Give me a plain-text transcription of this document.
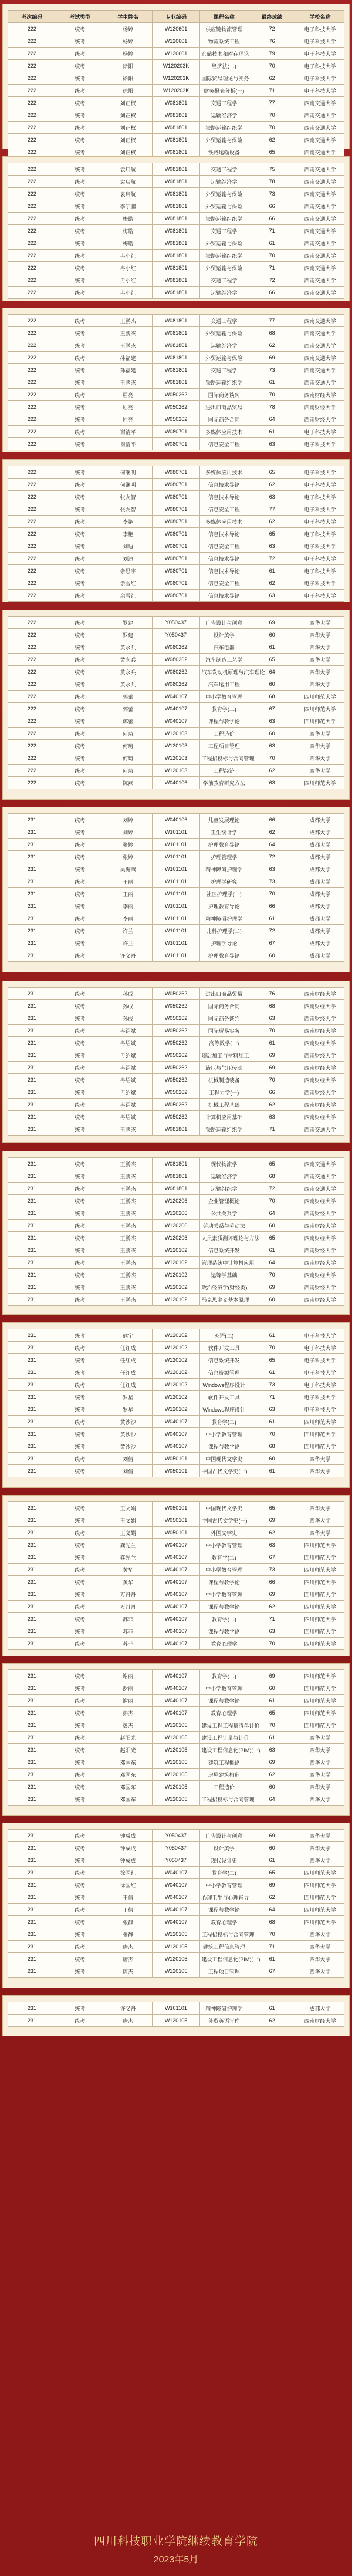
考次编码	考试类型	学生姓名	专业编码	课程名称	最终成绩	学校名称
222	统考	杨婷	W120601	供应链物流管理	72	电子科技大学
222	统考	杨婷	W120601	物流系统工程	76	电子科技大学
222	统考	杨婷	W120601	仓储技术和库存理论	79	电子科技大学
222	统考	徐阳	W120203K	经济法(二)	70	电子科技大学
222	统考	徐阳	W120203K	国际贸易理论与实务	62	电子科技大学
222	统考	徐阳	W120203K	财务报表分析(一)	71	电子科技大学
222	统考	刘正权	W081801	交通工程学	77	西南交通大学
222	统考	刘正权	W081801	运输经济学	70	西南交通大学
222	统考	刘正权	W081801	铁路运输组织学	70	西南交通大学
222	统考	刘正权	W081801	外贸运输与保险	62	西南交通大学
222	统考	刘正权	W081801	铁路运输设备	65	西南交通大学
222	统考	袁启航	W081801	交通工程学	75	西南交通大学
222	统考	袁启航	W081801	运输经济学	78	西南交通大学
222	统考	袁启航	W081801	外贸运输与保险	73	西南交通大学
222	统考	李宇鹏	W081801	外贸运输与保险	66	西南交通大学
222	统考	梅皓	W081801	铁路运输组织学	66	西南交通大学
222	统考	梅皓	W081801	交通工程学	71	西南交通大学
222	统考	梅皓	W081801	外贸运输与保险	61	西南交通大学
222	统考	冉小红	W081801	铁路运输组织学	70	西南交通大学
222	统考	冉小红	W081801	外贸运输与保险	71	西南交通大学
222	统考	冉小红	W081801	交通工程学	72	西南交通大学
222	统考	冉小红	W081801	运输经济学	66	西南交通大学
222	统考	王鹏杰	W081801	交通工程学	77	西南交通大学
222	统考	王鹏杰	W081801	外贸运输与保险	68	西南交通大学
222	统考	王鹏杰	W081801	运输经济学	62	西南交通大学
222	统考	孙福建	W081801	外贸运输与保险	69	西南交通大学
222	统考	孙福建	W081801	交通工程学	73	西南交通大学
222	统考	王鹏杰	W081801	铁路运输组织学	61	西南交通大学
222	统考	屈亮	W050262	国际商务谈判	70	西南财经大学
222	统考	屈亮	W050262	进出口商品贸易	78	西南财经大学
222	统考	屈亮	W050262	国际商务合同	64	西南财经大学
222	统考	谢清平	W080701	多媒体应用技术	61	电子科技大学
222	统考	谢清平	W080701	信息安全工程	63	电子科技大学
222	统考	何继明	W080701	多媒体应用技术	65	电子科技大学
222	统考	何继明	W080701	信息技术导论	62	电子科技大学
222	统考	张友智	W080701	信息技术导论	63	电子科技大学
222	统考	张友智	W080701	信息安全工程	77	电子科技大学
222	统考	李艳	W080701	多媒体应用技术	62	电子科技大学
222	统考	李艳	W080701	信息技术导论	65	电子科技大学
222	统考	刘迪	W080701	信息安全工程	63	电子科技大学
222	统考	刘迪	W080701	信息技术导论	72	电子科技大学
222	统考	余思宇	W080701	信息技术导论	61	电子科技大学
222	统考	余雪红	W080701	信息安全工程	62	电子科技大学
222	统考	余雪红	W080701	信息技术导论	63	电子科技大学
222	统考	罗建	Y050437	广告设计与创意	69	西华大学
222	统考	罗建	Y050437	设计美学	60	西华大学
222	统考	黄永兵	W080262	汽车电器	61	西华大学
222	统考	黄永兵	W080262	汽车制造工艺学	65	西华大学
222	统考	黄永兵	W080262	汽车发动机原理与汽车理论	64	西华大学
222	统考	黄永兵	W080262	汽车运用工程	60	西华大学
222	统考	郭蕾	W040107	中小学教育管理	68	四川师范大学
222	统考	郭蕾	W040107	教育学(二)	67	四川师范大学
222	统考	郭蕾	W040107	课程与教学论	63	四川师范大学
222	统考	何琦	W120103	工程造价	60	西华大学
222	统考	何琦	W120103	工程项目管理	63	西华大学
222	统考	何琦	W120103	工程招投标与合同管理	70	西华大学
222	统考	何琦	W120103	工程经济	62	西华大学
222	统考	陈燕	W040106	学前教育研究方法	63	四川师范大学
231	统考	刘婷	W040106	儿童发展理论	66	成都大学
231	统考	刘婷	W101101	卫生统计学	62	成都大学
231	统考	张婷	W101101	护理教育导论	64	成都大学
231	统考	张婷	W101101	护理管理学	72	成都大学
231	统考	吴海燕	W101101	精神障碍护理学	63	成都大学
231	统考	王丽	W101101	护理学研究	73	成都大学
231	统考	王丽	W101101	社区护理学(一)	70	成都大学
231	统考	李丽	W101101	护理教育导论	66	成都大学
231	统考	李丽	W101101	精神障碍护理学	61	成都大学
231	统考	许兰	W101101	儿科护理学(二)	72	成都大学
231	统考	许兰	W101101	护理学导论	67	成都大学
231	统考	许义丹	W101101	护理教育导论	60	成都大学
231	统考	孙成	W050262	进出口商品贸易	76	西南财经大学
231	统考	孙成	W050262	国际商务合同	68	西南财经大学
231	统考	孙成	W050262	国际商务谈判	63	西南财经大学
231	统考	冉绍斌	W050262	国际贸易实务	70	西南财经大学
231	统考	冉绍斌	W050262	高等数学(一)	61	西南财经大学
231	统考	冉绍斌	W050262	随后加工与材料加工	69	西南财经大学
231	统考	冉绍斌	W050262	液压与气压传动	69	西南财经大学
231	统考	冉绍斌	W050262	机械制造装备	70	西南财经大学
231	统考	冉绍斌	W050262	工程力学(一)	66	西南财经大学
231	统考	冉绍斌	W050262	机械工程基础	62	西南财经大学
231	统考	冉绍斌	W050262	计算机应用基础	63	西南财经大学
231	统考	王鹏杰	W081801	铁路运输组织学	71	西南交通大学
231	统考	王鹏杰	W081801	现代物流学	65	西南交通大学
231	统考	王鹏杰	W081801	运输经济学	68	西南交通大学
231	统考	王鹏杰	W081801	运输组织学	72	西南交通大学
231	统考	王鹏杰	W120206	企业管理概论	70	西南财经大学
231	统考	王鹏杰	W120206	公共关系学	64	西南财经大学
231	统考	王鹏杰	W120206	劳动关系与劳动法	60	西南财经大学
231	统考	王鹏杰	W120206	人员素质测评理论与方法	65	西南财经大学
231	统考	王鹏杰	W120102	信息系统开发	61	西南财经大学
231	统考	王鹏杰	W120102	管理系统中计算机应用	64	西南财经大学
231	统考	王鹏杰	W120102	运筹学基础	70	西南财经大学
231	统考	王鹏杰	W120102	政治经济学(财经类)	69	西南财经大学
231	统考	王鹏杰	W120102	马克思主义基本原理	60	西南财经大学
231	统考	熊宁	W120102	英语(二)	61	电子科技大学
231	统考	任红成	W120102	软件开发工具	70	电子科技大学
231	统考	任红成	W120102	信息系统开发	65	电子科技大学
231	统考	任红成	W120102	信息资源管理	61	电子科技大学
231	统考	任红成	W120102	Windows程序设计	73	电子科技大学
231	统考	罗星	W120102	软件开发工具	71	电子科技大学
231	统考	罗星	W120102	Windows程序设计	63	电子科技大学
231	统考	黄沙沙	W040107	教育学(二)	61	四川师范大学
231	统考	黄沙沙	W040107	中小学教育管理	70	四川师范大学
231	统考	黄沙沙	W040107	课程与教学论	68	四川师范大学
231	统考	刘倩	W050101	中国现代文学史	60	西华大学
231	统考	刘倩	W050101	中国古代文学史(一)	61	西华大学
231	统考	王文娟	W050101	中国现代文学史	65	西华大学
231	统考	王文娟	W050101	中国古代文学史(一)	69	西华大学
231	统考	王文娟	W050101	外国文学史	62	西华大学
231	统考	龚先兰	W040107	中小学教育管理	63	四川师范大学
231	统考	龚先兰	W040107	教育学(二)	67	四川师范大学
231	统考	黄华	W040107	中小学教育管理	73	四川师范大学
231	统考	黄华	W040107	课程与教学论	66	四川师范大学
231	统考	万丹丹	W040107	中小学教育管理	69	四川师范大学
231	统考	万丹丹	W040107	课程与教学论	62	四川师范大学
231	统考	苏菲	W040107	教育学(二)	71	四川师范大学
231	统考	苏菲	W040107	课程与教学论	63	四川师范大学
231	统考	苏菲	W040107	教育心理学	70	四川师范大学
231	统考	谢丽	W040107	教育学(二)	69	四川师范大学
231	统考	谢丽	W040107	中小学教育管理	60	四川师范大学
231	统考	谢丽	W040107	课程与教学论	61	四川师范大学
231	统考	彭杰	W040107	教育心理学	65	四川师范大学
231	统考	彭杰	W120105	建设工程工程量清单计价	70	四川师范大学
231	统考	赵阳光	W120105	建设工程计量与计价	61	西华大学
231	统考	赵阳光	W120105	建设工程信息化(BIM)(一)	63	西华大学
231	统考	邓国东	W120105	建筑工程概论	69	西华大学
231	统考	邓国东	W120105	房屋建筑构造	62	西华大学
231	统考	邓国东	W120105	工程造价	60	西华大学
231	统考	邓国东	W120105	工程招投标与合同管理	64	西华大学
231	统考	钟成成	Y050437	广告设计与创意	69	西华大学
231	统考	钟成成	Y050437	设计美学	60	西华大学
231	统考	钟成成	Y050437	现代设计史	61	西华大学
231	统考	徐国红	W040107	教育学(二)	65	四川师范大学
231	统考	徐国红	W040107	中小学教育管理	69	四川师范大学
231	统考	王倩	W040107	心理卫生与心理辅导	62	四川师范大学
231	统考	王倩	W040107	课程与教学论	64	四川师范大学
231	统考	张静	W040107	教育心理学	68	四川师范大学
231	统考	张静	W120105	工程招投标与合同管理	70	西华大学
231	统考	唐杰	W120105	建筑工程信息管理	71	西华大学
231	统考	唐杰	W120105	建设工程信息化(BIM)(一)	61	西华大学
231	统考	唐杰	W120105	工程项目管理	67	西华大学
231	统考	许义丹	W101101	精神障碍护理学	61	成都大学
231	统考	唐杰	W120105	外贸英语写作	62	西南财经大学
四川科技职业学院继续教育学院
2023年5月
